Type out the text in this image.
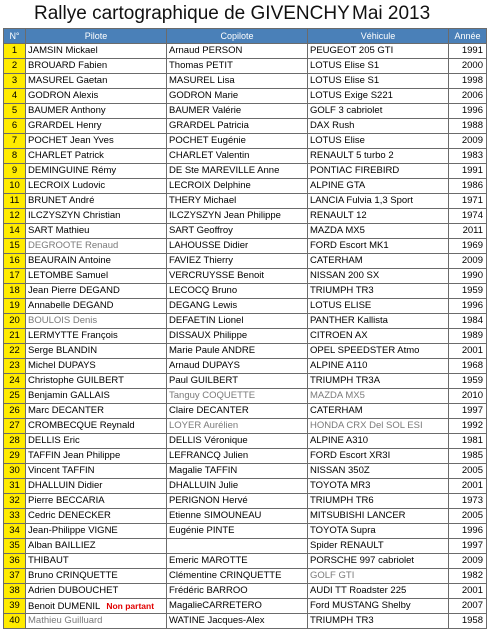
Rallye cartographique de GIVENCHY Mai 2013
N°	Pilote	Copilote	Véhicule	Année
1	JAMSIN Mickael	Arnaud PERSON	PEUGEOT 205 GTI	1991
2	BROUARD Fabien	Thomas PETIT	LOTUS Elise S1	2000
3	MASUREL Gaetan	MASUREL Lisa	LOTUS Elise S1	1998
4	GODRON Alexis	GODRON Marie	LOTUS Exige S221	2006
5	BAUMER Anthony	BAUMER Valérie	GOLF 3 cabriolet	1996
6	GRARDEL Henry	GRARDEL Patricia	DAX Rush	1988
7	POCHET Jean Yves	POCHET Eugénie	LOTUS Elise	2009
8	CHARLET Patrick	CHARLET Valentin	RENAULT 5 turbo 2	1983
9	DEMINGUINE Rémy	DE Ste MAREVILLE Anne	PONTIAC FIREBIRD	1991
10	LECROIX Ludovic	LECROIX Delphine	ALPINE GTA	1986
11	BRUNET André	THERY Michael	LANCIA Fulvia 1,3 Sport	1971
12	ILCZYSZYN Christian	ILCZYSZYN Jean Philippe	RENAULT 12	1974
14	SART Mathieu	SART Geoffroy	MAZDA MX5	2011
15	DEGROOTE Renaud	LAHOUSSE Didier	FORD Escort MK1	1969
16	BEAURAIN Antoine	FAVIEZ Thierry	CATERHAM	2009
17	LETOMBE Samuel	VERCRUYSSE Benoit	NISSAN 200 SX	1990
18	Jean Pierre DEGAND	LECOCQ Bruno	TRIUMPH TR3	1959
19	Annabelle DEGAND	DEGANG Lewis	LOTUS ELISE	1996
20	BOULOIS Denis	DEFAETIN Lionel	PANTHER Kallista	1984
21	LERMYTTE François	DISSAUX Philippe	CITROEN AX	1989
22	Serge BLANDIN	Marie Paule ANDRE	OPEL SPEEDSTER Atmo	2001
23	Michel DUPAYS	Arnaud DUPAYS	ALPINE A110	1968
24	Christophe GUILBERT	Paul GUILBERT	TRIUMPH TR3A	1959
25	Benjamin GALLAIS	Tanguy COQUETTE	MAZDA MX5	2010
26	Marc DECANTER	Claire DECANTER	CATERHAM	1997
27	CROMBECQUE Reynald	LOYER Aurélien	HONDA CRX Del SOL ESI	1992
28	DELLIS Eric	DELLIS Véronique	ALPINE A310	1981
29	TAFFIN Jean Philippe	LEFRANCQ Julien	FORD Escort XR3I	1985
30	Vincent TAFFIN	Magalie TAFFIN	NISSAN 350Z	2005
31	DHALLUIN Didier	DHALLUIN Julie	TOYOTA MR3	2001
32	Pierre BECCARIA	PERIGNON Hervé	TRIUMPH TR6	1973
33	Cedric DENECKER	Etienne SIMOUNEAU	MITSUBISHI LANCER	2005
34	Jean-Philippe VIGNE	Eugénie PINTE	TOYOTA Supra	1996
35	Alban BAILLIEZ		Spider RENAULT	1997
36	THIBAUT	Emeric MAROTTE	PORSCHE 997 cabriolet	2009
37	Bruno CRINQUETTE	Clémentine CRINQUETTE	GOLF GTI	1982
38	Adrien DUBOUCHET	Frédéric BARROO	AUDI TT Roadster 225	2001
39	Benoit DUMENIL Non partant	MagalieCARRETERO	Ford MUSTANG Shelby	2007
40	Mathieu Guilluard	WATINE Jacques-Alex	TRIUMPH TR3	1958
